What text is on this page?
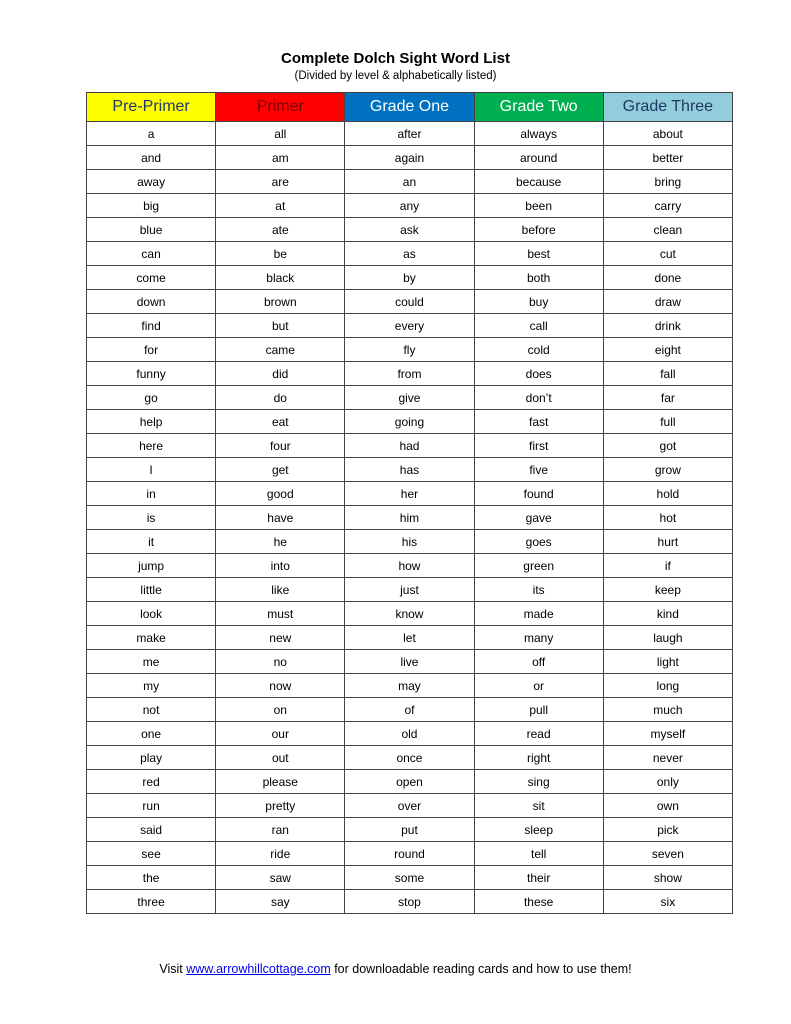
Complete Dolch Sight Word List
(Divided by level & alphabetically listed)
Pre-Primer	Primer	Grade One	Grade Two	Grade Three
a	all	after	always	about
and	am	again	around	better
away	are	an	because	bring
big	at	any	been	carry
blue	ate	ask	before	clean
can	be	as	best	cut
come	black	by	both	done
down	brown	could	buy	draw
find	but	every	call	drink
for	came	fly	cold	eight
funny	did	from	does	fall
go	do	give	don’t	far
help	eat	going	fast	full
here	four	had	first	got
I	get	has	five	grow
in	good	her	found	hold
is	have	him	gave	hot
it	he	his	goes	hurt
jump	into	how	green	if
little	like	just	its	keep
look	must	know	made	kind
make	new	let	many	laugh
me	no	live	off	light
my	now	may	or	long
not	on	of	pull	much
one	our	old	read	myself
play	out	once	right	never
red	please	open	sing	only
run	pretty	over	sit	own
said	ran	put	sleep	pick
see	ride	round	tell	seven
the	saw	some	their	show
three	say	stop	these	six
Visit www.arrowhillcottage.com for downloadable reading cards and how to use them!
